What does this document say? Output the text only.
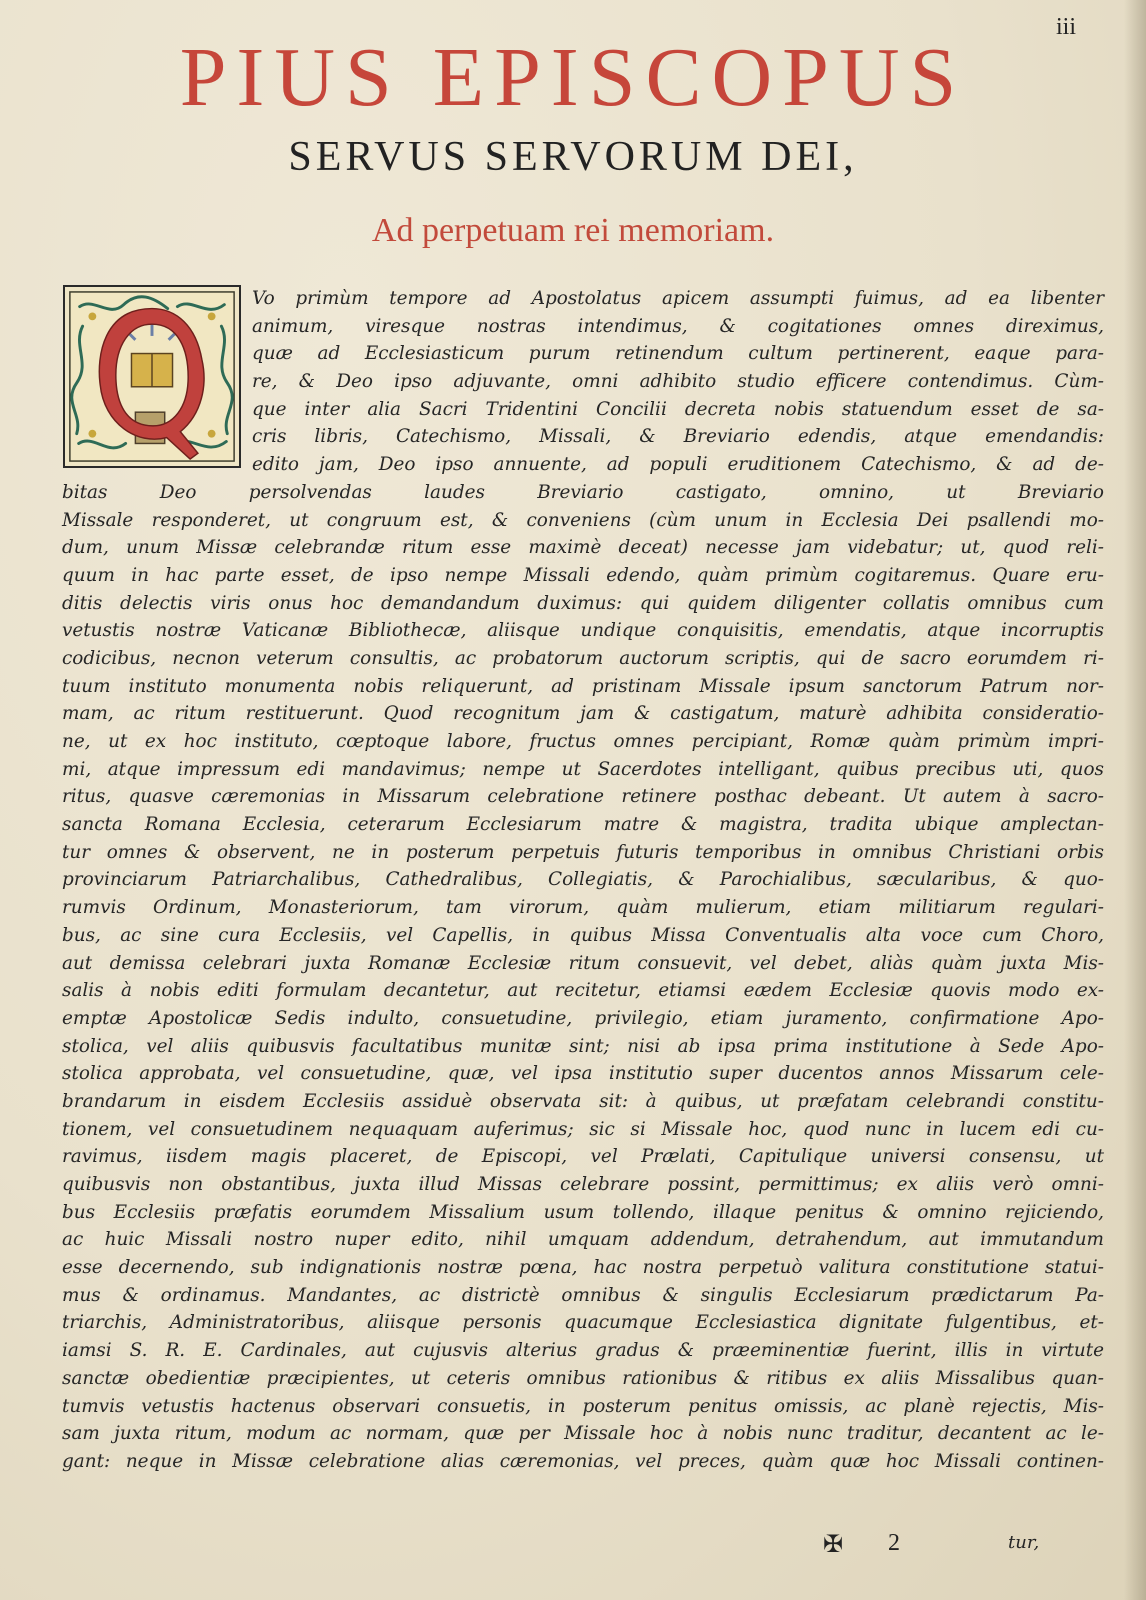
iii
PIUS EPISCOPUS
SERVUS SERVORUM DEI,
Ad perpetuam rei memoriam.
Vo primùm tempore ad Apostolatus apicem assumpti fuimus, ad ea libenter
animum, viresque nostras intendimus, & cogitationes omnes direximus,
quæ ad Ecclesiasticum purum retinendum cultum pertinerent, eaque para-
re, & Deo ipso adjuvante, omni adhibito studio efficere contendimus. Cùm-
que inter alia Sacri Tridentini Concilii decreta nobis statuendum esset de sa-
cris libris, Catechismo, Missali, & Breviario edendis, atque emendandis:
edito jam, Deo ipso annuente, ad populi eruditionem Catechismo, & ad de-
bitas Deo persolvendas laudes Breviario castigato, omnino, ut Breviario
Missale responderet, ut congruum est, & conveniens (cùm unum in Ecclesia Dei psallendi mo-
dum, unum Missæ celebrandæ ritum esse maximè deceat) necesse jam videbatur; ut, quod reli-
quum in hac parte esset, de ipso nempe Missali edendo, quàm primùm cogitaremus. Quare eru-
ditis delectis viris onus hoc demandandum duximus: qui quidem diligenter collatis omnibus cum
vetustis nostræ Vaticanæ Bibliothecæ, aliisque undique conquisitis, emendatis, atque incorruptis
codicibus, necnon veterum consultis, ac probatorum auctorum scriptis, qui de sacro eorumdem ri-
tuum instituto monumenta nobis reliquerunt, ad pristinam Missale ipsum sanctorum Patrum nor-
mam, ac ritum restituerunt. Quod recognitum jam & castigatum, maturè adhibita consideratio-
ne, ut ex hoc instituto, cœptoque labore, fructus omnes percipiant, Romæ quàm primùm impri-
mi, atque impressum edi mandavimus; nempe ut Sacerdotes intelligant, quibus precibus uti, quos
ritus, quasve cæremonias in Missarum celebratione retinere posthac debeant. Ut autem à sacro-
sancta Romana Ecclesia, ceterarum Ecclesiarum matre & magistra, tradita ubique amplectan-
tur omnes & observent, ne in posterum perpetuis futuris temporibus in omnibus Christiani orbis
provinciarum Patriarchalibus, Cathedralibus, Collegiatis, & Parochialibus, sæcularibus, & quo-
rumvis Ordinum, Monasteriorum, tam virorum, quàm mulierum, etiam militiarum regulari-
bus, ac sine cura Ecclesiis, vel Capellis, in quibus Missa Conventualis alta voce cum Choro,
aut demissa celebrari juxta Romanæ Ecclesiæ ritum consuevit, vel debet, aliàs quàm juxta Mis-
salis à nobis editi formulam decantetur, aut recitetur, etiamsi eædem Ecclesiæ quovis modo ex-
emptæ Apostolicæ Sedis indulto, consuetudine, privilegio, etiam juramento, confirmatione Apo-
stolica, vel aliis quibusvis facultatibus munitæ sint; nisi ab ipsa prima institutione à Sede Apo-
stolica approbata, vel consuetudine, quæ, vel ipsa institutio super ducentos annos Missarum cele-
brandarum in eisdem Ecclesiis assiduè observata sit: à quibus, ut præfatam celebrandi constitu-
tionem, vel consuetudinem nequaquam auferimus; sic si Missale hoc, quod nunc in lucem edi cu-
ravimus, iisdem magis placeret, de Episcopi, vel Prælati, Capitulique universi consensu, ut
quibusvis non obstantibus, juxta illud Missas celebrare possint, permittimus; ex aliis verò omni-
bus Ecclesiis præfatis eorumdem Missalium usum tollendo, illaque penitus & omnino rejiciendo,
ac huic Missali nostro nuper edito, nihil umquam addendum, detrahendum, aut immutandum
esse decernendo, sub indignationis nostræ pœna, hac nostra perpetuò valitura constitutione statui-
mus & ordinamus. Mandantes, ac districtè omnibus & singulis Ecclesiarum prædictarum Pa-
triarchis, Administratoribus, aliisque personis quacumque Ecclesiastica dignitate fulgentibus, et-
iamsi S. R. E. Cardinales, aut cujusvis alterius gradus & præeminentiæ fuerint, illis in virtute
sanctæ obedientiæ præcipientes, ut ceteris omnibus rationibus & ritibus ex aliis Missalibus quan-
tumvis vetustis hactenus observari consuetis, in posterum penitus omissis, ac planè rejectis, Mis-
sam juxta ritum, modum ac normam, quæ per Missale hoc à nobis nunc traditur, decantent ac le-
gant: neque in Missæ celebratione alias cæremonias, vel preces, quàm quæ hoc Missali continen-
✠ 2	tur,
